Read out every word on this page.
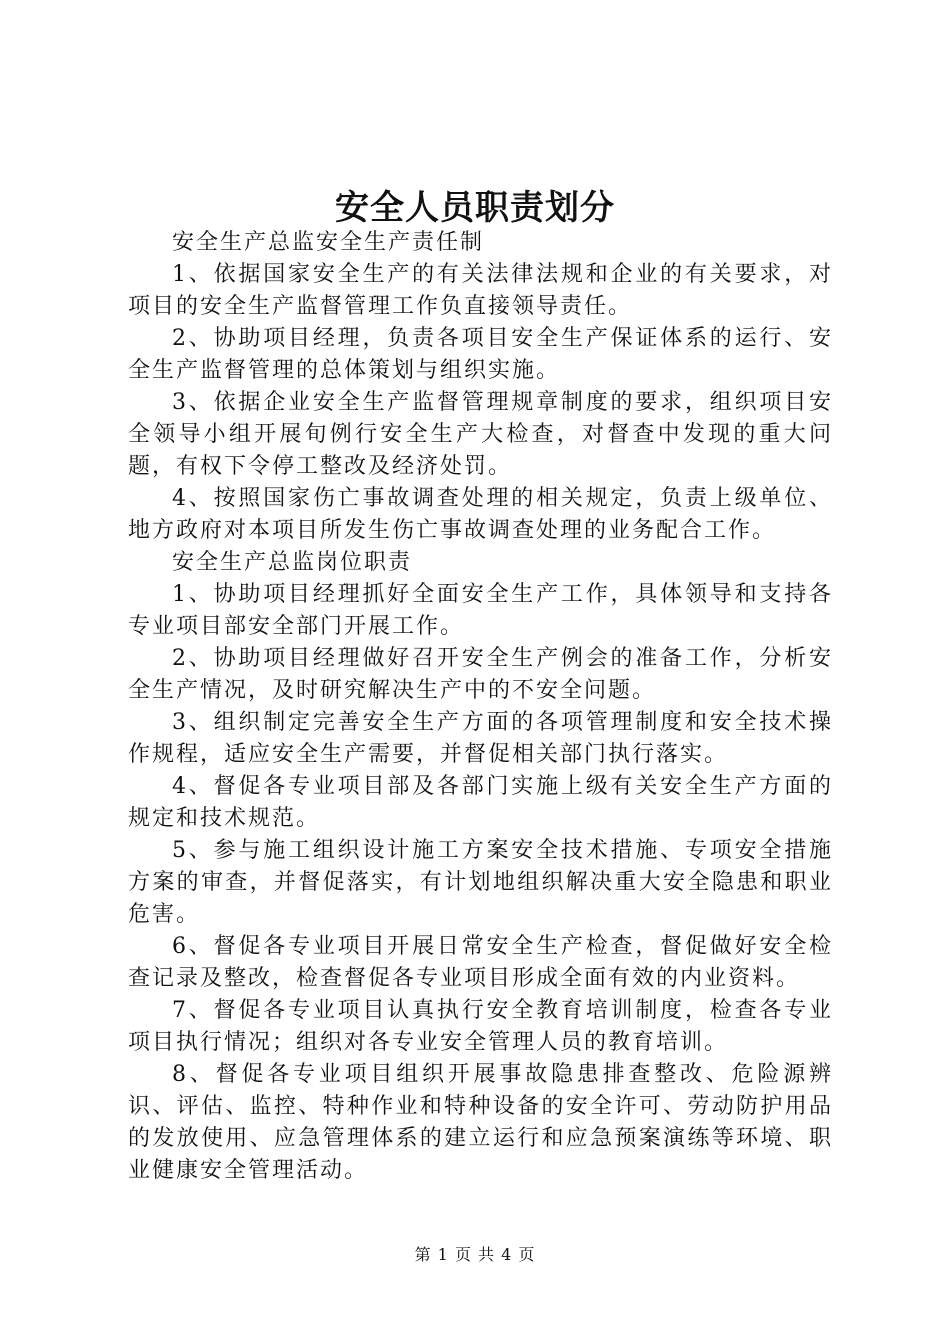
安全人员职责划分

安全生产总监安全生产责任制

1、依据国家安全生产的有关法律法规和企业的有关要求，对项目的安全生产监督管理工作负直接领导责任。

2、协助项目经理，负责各项目安全生产保证体系的运行、安全生产监督管理的总体策划与组织实施。

3、依据企业安全生产监督管理规章制度的要求，组织项目安全领导小组开展旬例行安全生产大检查，对督查中发现的重大问题，有权下令停工整改及经济处罚。

4、按照国家伤亡事故调查处理的相关规定，负责上级单位、地方政府对本项目所发生伤亡事故调查处理的业务配合工作。

安全生产总监岗位职责

1、协助项目经理抓好全面安全生产工作，具体领导和支持各专业项目部安全部门开展工作。

2、协助项目经理做好召开安全生产例会的准备工作，分析安全生产情况，及时研究解决生产中的不安全问题。

3、组织制定完善安全生产方面的各项管理制度和安全技术操作规程，适应安全生产需要，并督促相关部门执行落实。

4、督促各专业项目部及各部门实施上级有关安全生产方面的规定和技术规范。

5、参与施工组织设计施工方案安全技术措施、专项安全措施方案的审查，并督促落实，有计划地组织解决重大安全隐患和职业危害。

6、督促各专业项目开展日常安全生产检查，督促做好安全检查记录及整改，检查督促各专业项目形成全面有效的内业资料。

7、督促各专业项目认真执行安全教育培训制度，检查各专业项目执行情况；组织对各专业安全管理人员的教育培训。

8、督促各专业项目组织开展事故隐患排查整改、危险源辨识、评估、监控、特种作业和特种设备的安全许可、劳动防护用品的发放使用、应急管理体系的建立运行和应急预案演练等环境、职业健康安全管理活动。

第 1 页 共 4 页
